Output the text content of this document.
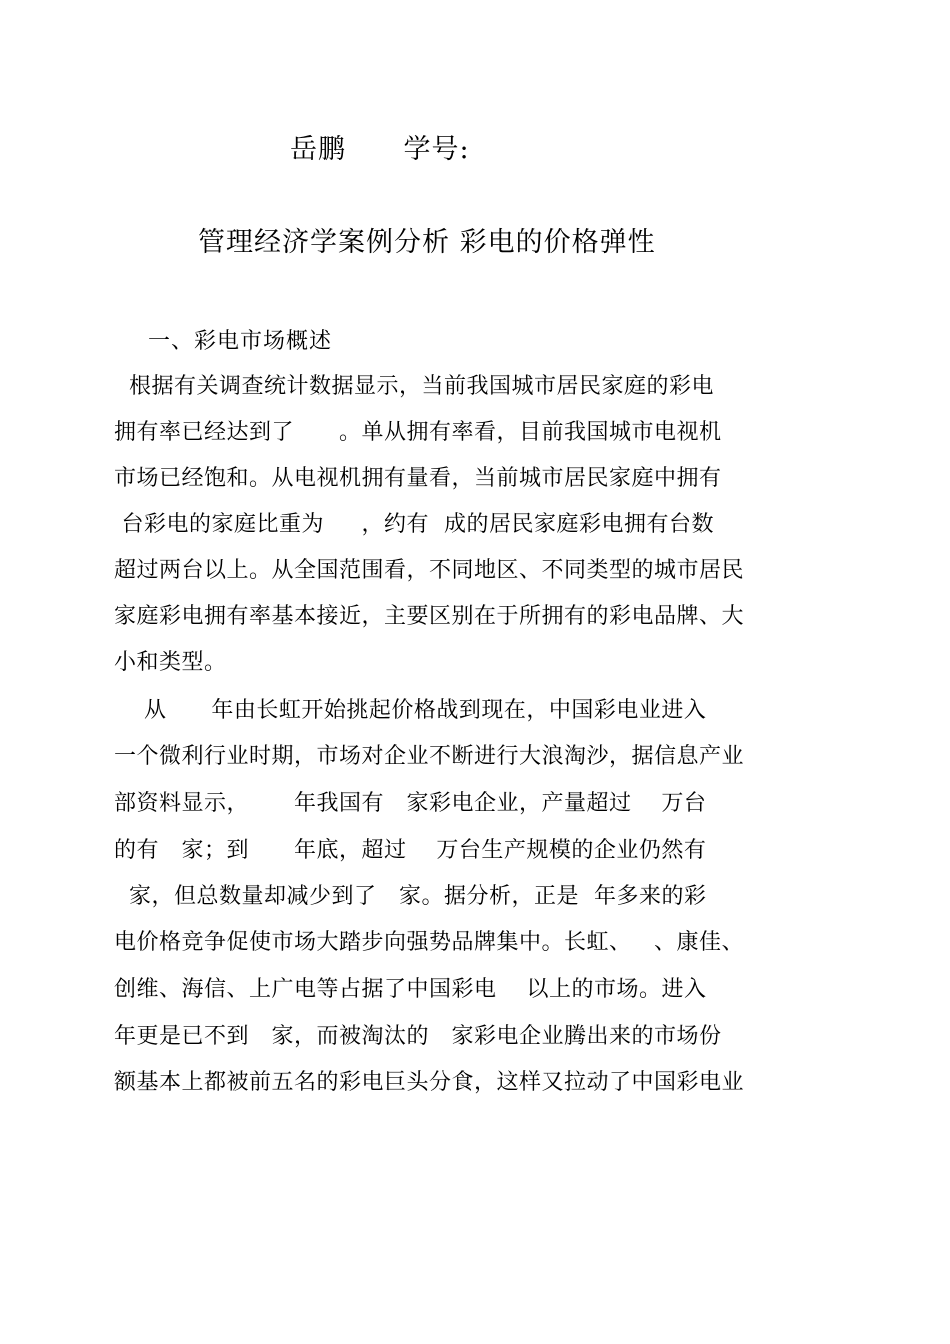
岳鹏      学号:
管理经济学案例分析 彩电的价格弹性
一、彩电市场概述
根据有关调查统计数据显示，当前我国城市居民家庭的彩电
拥有率已经达到了      。单从拥有率看，目前我国城市电视机
市场已经饱和。从电视机拥有量看，当前城市居民家庭中拥有
台彩电的家庭比重为     ，约有  成的居民家庭彩电拥有台数
超过两台以上。从全国范围看，不同地区、不同类型的城市居民
家庭彩电拥有率基本接近，主要区别在于所拥有的彩电品牌、大
小和类型。
从      年由长虹开始挑起价格战到现在，中国彩电业进入
一个微利行业时期，市场对企业不断进行大浪淘沙，据信息产业
部资料显示，      年我国有   家彩电企业，产量超过    万台
的有   家；到      年底，超过    万台生产规模的企业仍然有
家，但总数量却减少到了   家。据分析，正是  年多来的彩
电价格竞争促使市场大踏步向强势品牌集中。长虹、   、康佳、
创维、海信、上广电等占据了中国彩电    以上的市场。进入
年更是已不到   家，而被淘汰的   家彩电企业腾出来的市场份
额基本上都被前五名的彩电巨头分食，这样又拉动了中国彩电业
